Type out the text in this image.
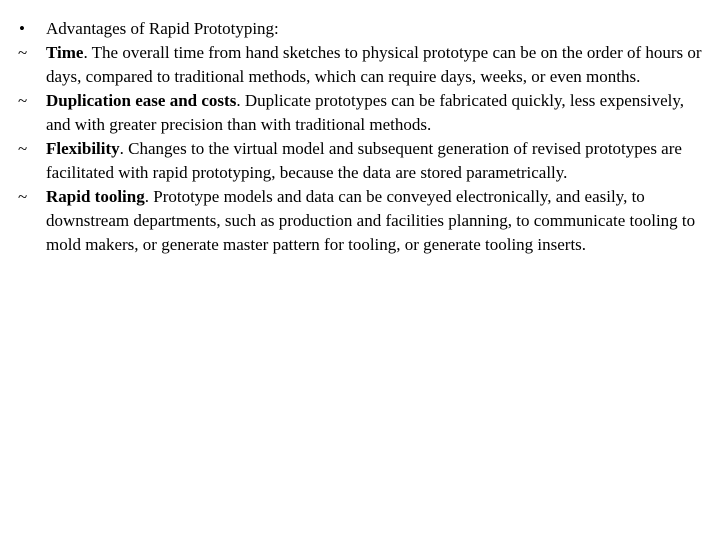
•	Advantages of Rapid Prototyping:

~	Time. The overall time from hand sketches to physical prototype can be on the order of hours or days, compared to traditional methods, which can require days, weeks, or even months.

~	Duplication ease and costs. Duplicate prototypes can be fabricated quickly, less expensively, and with greater precision than with traditional methods.

~	Flexibility. Changes to the virtual model and subsequent generation of revised prototypes are facilitated with rapid prototyping, because the data are stored parametrically.

~	Rapid tooling. Prototype models and data can be conveyed electronically, and easily, to downstream departments, such as production and facilities planning, to communicate tooling to mold makers, or generate master pattern for tooling, or generate tooling inserts.
